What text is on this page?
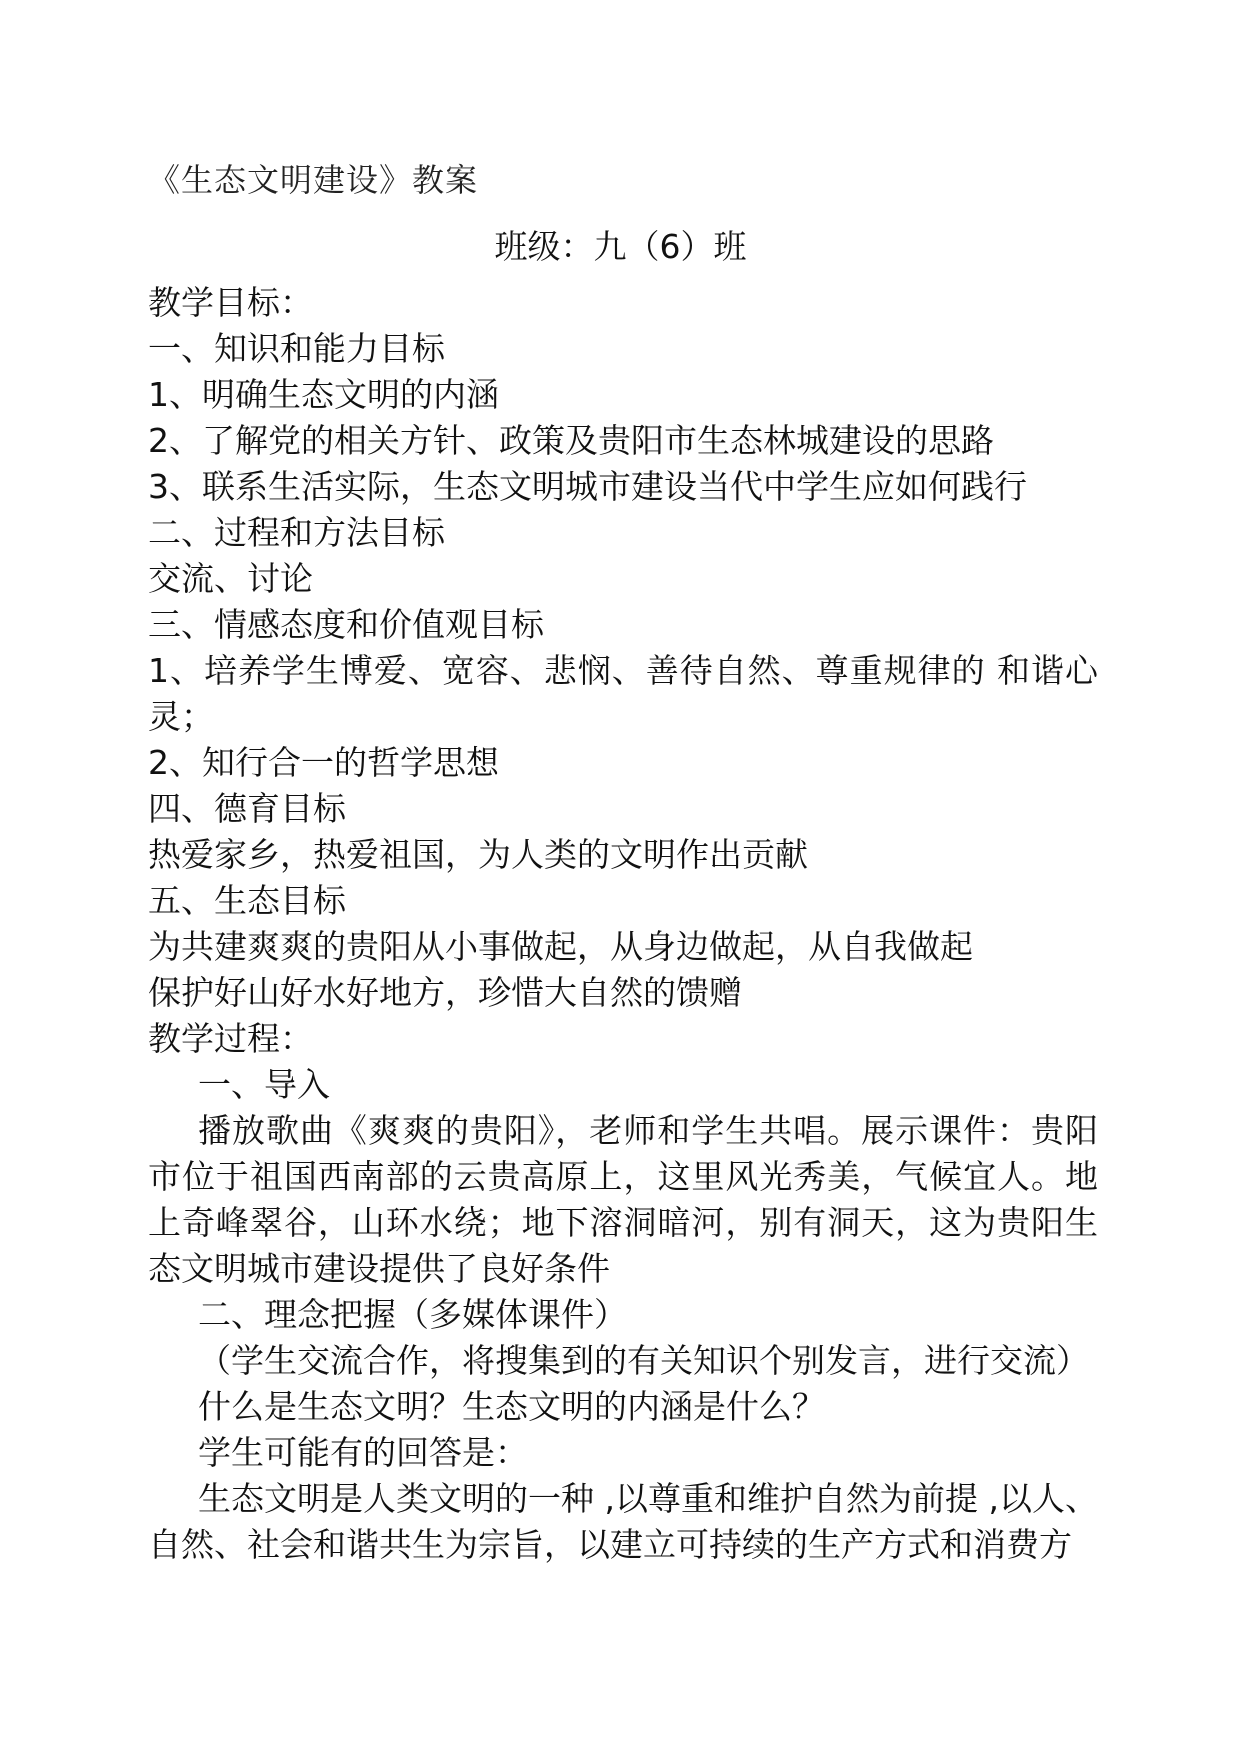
《生态文明建设》教案
班级：九（6）班

教学目标：

一、知识和能力目标

1、明确生态文明的内涵

2、了解党的相关方针、政策及贵阳市生态林城建设的思路

3、联系生活实际，生态文明城市建设当代中学生应如何践行

二、过程和方法目标

交流、讨论

三、情感态度和价值观目标

1、培养学生博爱、宽容、悲悯、善待自然、尊重规律的 和谐心灵；

2、知行合一的哲学思想

四、德育目标

热爱家乡，热爱祖国，为人类的文明作出贡献

五、生态目标

为共建爽爽的贵阳从小事做起，从身边做起，从自我做起

保护好山好水好地方，珍惜大自然的馈赠

教学过程：

一、导入

播放歌曲《爽爽的贵阳》，老师和学生共唱。展示课件：贵阳市位于祖国西南部的云贵高原上，这里风光秀美，气候宜人。地上奇峰翠谷，山环水绕；地下溶洞暗河，别有洞天，这为贵阳生态文明城市建设提供了良好条件

二、理念把握（多媒体课件）

（学生交流合作，将搜集到的有关知识个别发言，进行交流）

什么是生态文明？生态文明的内涵是什么？

学生可能有的回答是：

生态文明是人类文明的一种 ,以尊重和维护自然为前提 ,以人、自然、社会和谐共生为宗旨，以建立可持续的生产方式和消费方
